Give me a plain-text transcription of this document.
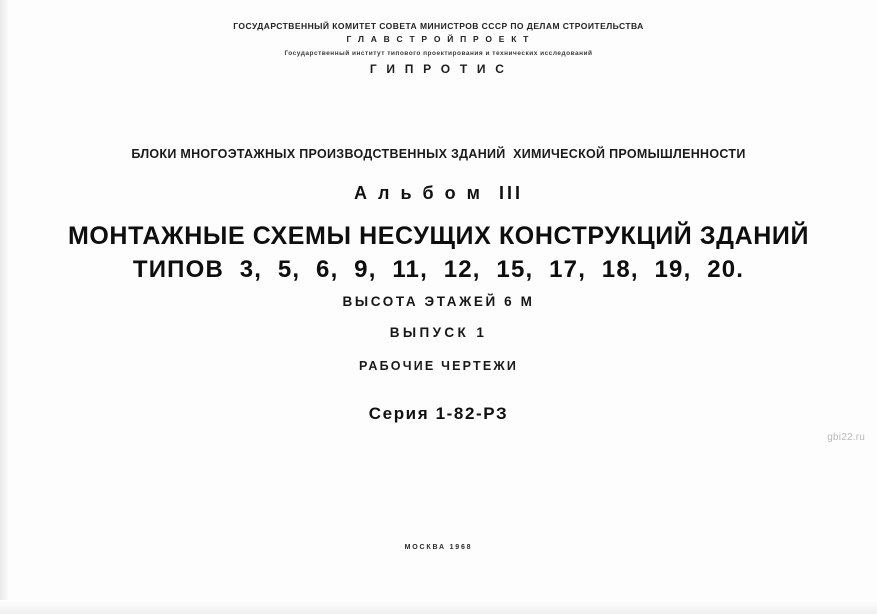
ГОСУДАРСТВЕННЫЙ КОМИТЕТ СОВЕТА МИНИСТРОВ СССР ПО ДЕЛАМ СТРОИТЕЛЬСТВА
Г Л А В С Т Р О Й П Р О Е К Т
Государственный институт типового проектирования и технических исследований
Г И П Р О Т И С
БЛОКИ МНОГОЭТАЖНЫХ ПРОИЗВОДСТВЕННЫХ ЗДАНИЙ  ХИМИЧЕСКОЙ ПРОМЫШЛЕННОСТИ
А л ь б о м  III
МОНТАЖНЫЕ СХЕМЫ НЕСУЩИХ КОНСТРУКЦИЙ ЗДАНИЙ
ТИПОВ  3,  5,  6,  9,  11,  12,  15,  17,  18,  19,  20.
ВЫСОТА ЭТАЖЕЙ 6 М
ВЫПУСК 1
РАБОЧИЕ ЧЕРТЕЖИ
Серия 1-82-РЗ
МОСКВА 1968
gbi22.ru
